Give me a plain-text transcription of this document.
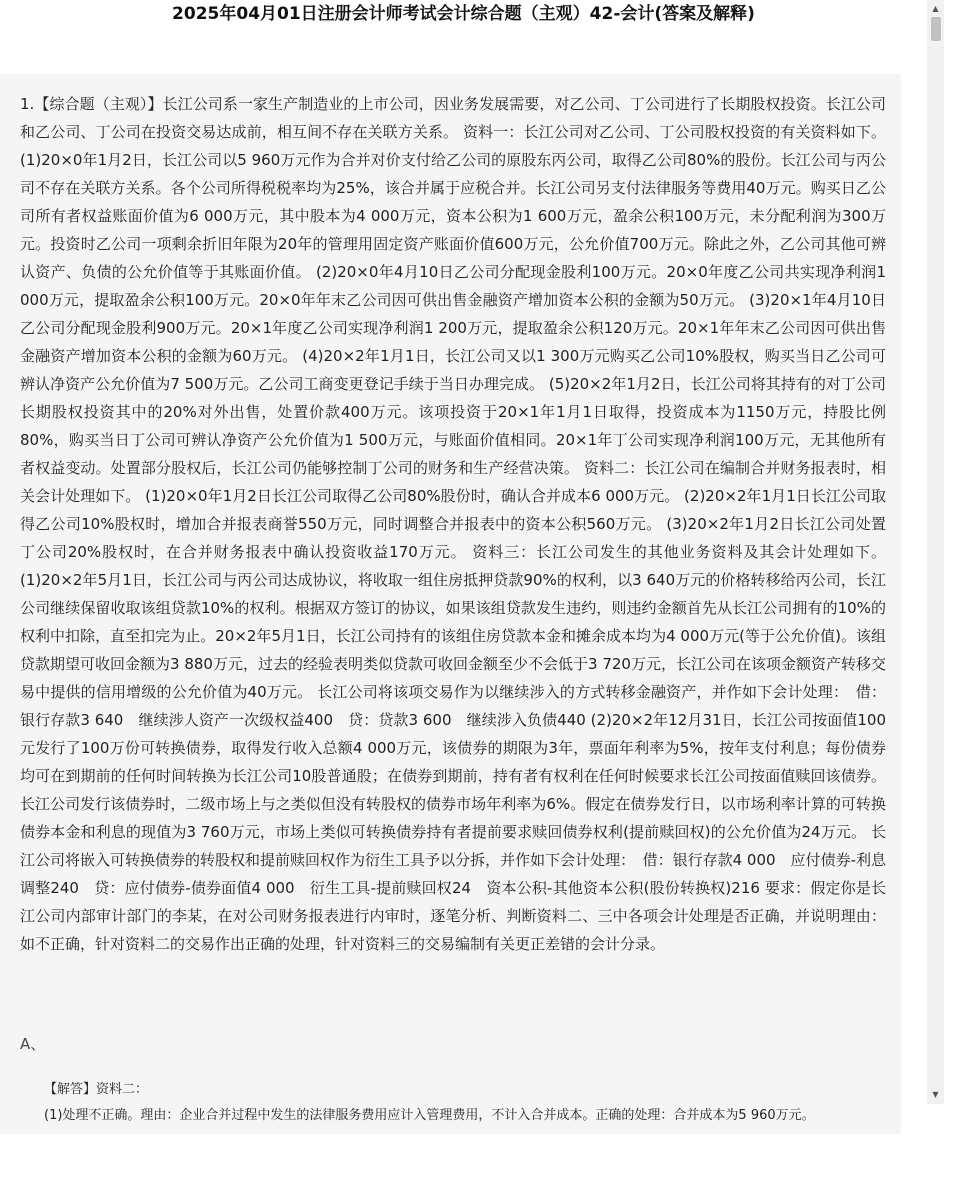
2025年04月01日注册会计师考试会计综合题（主观）42-会计(答案及解释)
1.【综合题（主观）】长江公司系一家生产制造业的上市公司，因业务发展需要，对乙公司、丁公司进行了长期股权投资。长江公司和乙公司、丁公司在投资交易达成前，相互间不存在关联方关系。 资料一：长江公司对乙公司、丁公司股权投资的有关资料如下。 (1)20×0年1月2日，长江公司以5 960万元作为合并对价支付给乙公司的原股东丙公司，取得乙公司80%的股份。长江公司与丙公司不存在关联方关系。各个公司所得税税率均为25%，该合并属于应税合并。长江公司另支付法律服务等费用40万元。购买日乙公司所有者权益账面价值为6 000万元，其中股本为4 000万元，资本公积为1 600万元，盈余公积100万元，未分配利润为300万元。投资时乙公司一项剩余折旧年限为20年的管理用固定资产账面价值600万元，公允价值700万元。除此之外，乙公司其他可辨认资产、负债的公允价值等于其账面价值。 (2)20×0年4月10日乙公司分配现金股利100万元。20×0年度乙公司共实现净利润1 000万元，提取盈余公积100万元。20×0年年末乙公司因可供出售金融资产增加资本公积的金额为50万元。 (3)20×1年4月10日乙公司分配现金股利900万元。20×1年度乙公司实现净利润1 200万元，提取盈余公积120万元。20×1年年末乙公司因可供出售金融资产增加资本公积的金额为60万元。 (4)20×2年1月1日，长江公司又以1 300万元购买乙公司10%股权，购买当日乙公司可辨认净资产公允价值为7 500万元。乙公司工商变更登记手续于当日办理完成。 (5)20×2年1月2日，长江公司将其持有的对丁公司长期股权投资其中的20%对外出售，处置价款400万元。该项投资于20×1年1月1日取得，投资成本为1150万元，持股比例80%，购买当日丁公司可辨认净资产公允价值为1 500万元，与账面价值相同。20×1年丁公司实现净利润100万元，无其他所有者权益变动。处置部分股权后，长江公司仍能够控制丁公司的财务和生产经营决策。 资料二：长江公司在编制合并财务报表时，相关会计处理如下。 (1)20×0年1月2日长江公司取得乙公司80%股份时，确认合并成本6 000万元。 (2)20×2年1月1日长江公司取得乙公司10%股权时，增加合并报表商誉550万元，同时调整合并报表中的资本公积560万元。 (3)20×2年1月2日长江公司处置丁公司20%股权时，在合并财务报表中确认投资收益170万元。 资料三：长江公司发生的其他业务资料及其会计处理如下。 (1)20×2年5月1日，长江公司与丙公司达成协议，将收取一组住房抵押贷款90%的权利，以3 640万元的价格转移给丙公司，长江公司继续保留收取该组贷款10%的权利。根据双方签订的协议，如果该组贷款发生违约，则违约金额首先从长江公司拥有的10%的权利中扣除，直至扣完为止。20×2年5月1日，长江公司持有的该组住房贷款本金和摊余成本均为4 000万元(等于公允价值)。该组贷款期望可收回金额为3 880万元，过去的经验表明类似贷款可收回金额至少不会低于3 720万元，长江公司在该项金额资产转移交易中提供的信用增级的公允价值为40万元。 长江公司将该项交易作为以继续涉入的方式转移金融资产，并作如下会计处理：　借：银行存款3 640　继续涉人资产一次级权益400　贷：贷款3 600　继续涉入负债440 (2)20×2年12月31日，长江公司按面值100元发行了100万份可转换债券，取得发行收入总额4 000万元，该债券的期限为3年，票面年利率为5%，按年支付利息；每份债券均可在到期前的任何时间转换为长江公司10股普通股；在债券到期前，持有者有权利在任何时候要求长江公司按面值赎回该债券。长江公司发行该债券时，二级市场上与之类似但没有转股权的债券市场年利率为6%。假定在债券发行日，以市场利率计算的可转换债券本金和利息的现值为3 760万元，市场上类似可转换债券持有者提前要求赎回债券权利(提前赎回权)的公允价值为24万元。 长江公司将嵌入可转换债券的转股权和提前赎回权作为衍生工具予以分拆，并作如下会计处理：　借：银行存款4 000　应付债券-利息调整240　贷：应付债券-债券面值4 000　衍生工具-提前赎回权24　资本公积-其他资本公积(股份转换权)216 要求：假定你是长江公司内部审计部门的李某，在对公司财务报表进行内审时，逐笔分析、判断资料二、三中各项会计处理是否正确，并说明理由：如不正确，针对资料二的交易作出正确的处理，针对资料三的交易编制有关更正差错的会计分录。
A、
【解答】资料二：
(1)处理不正确。理由：企业合并过程中发生的法律服务费用应计入管理费用，不计入合并成本。正确的处理：合并成本为5 960万元。
▲
▼
